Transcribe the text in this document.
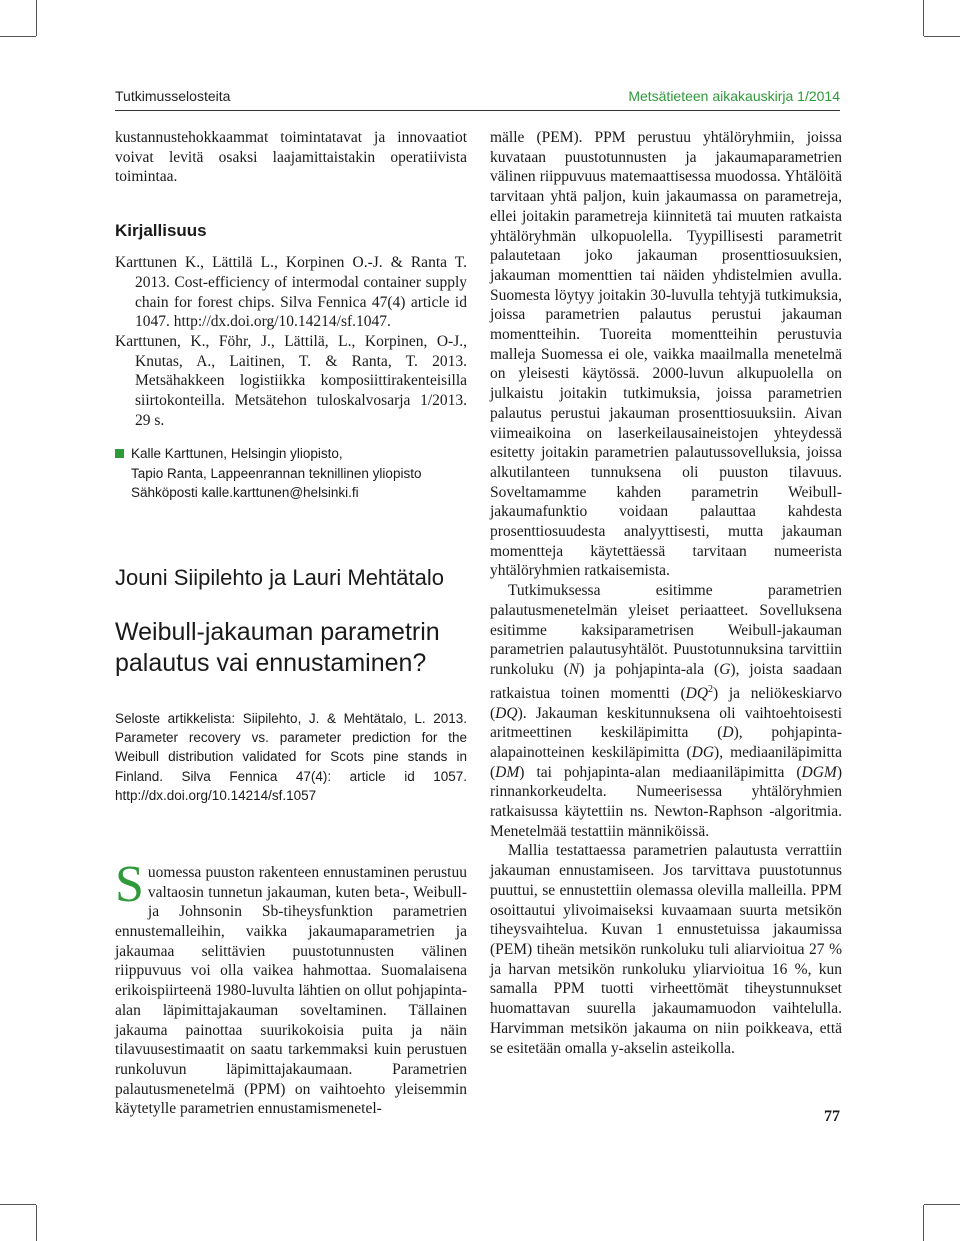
Tutkimusselosteita	Metsätieteen aikakauskirja 1/2014

kustannustehokkaammat toimintatavat ja innovaatiot voivat levitä osaksi laajamittaistakin operatiivista toimintaa.

Kirjallisuus

Karttunen K., Lättilä L., Korpinen O.-J. & Ranta T. 2013. Cost-efficiency of intermodal container supply chain for forest chips. Silva Fennica 47(4) article id 1047. http://dx.doi.org/10.14214/sf.1047.

Karttunen, K., Föhr, J., Lättilä, L., Korpinen, O-J., Knutas, A., Laitinen, T. & Ranta, T. 2013. Metsähakkeen logistiikka komposiittirakenteisilla siirtokonteilla. Metsätehon tuloskalvosarja 1/2013. 29 s.

Kalle Karttunen, Helsingin yliopisto,
Tapio Ranta, Lappeenrannan teknillinen yliopisto
Sähköposti kalle.karttunen@helsinki.fi
Jouni Siipilehto ja Lauri Mehtätalo
Weibull-jakauman parametrin palautus vai ennustaminen?
Seloste artikkelista: Siipilehto, J. & Mehtätalo, L. 2013. Parameter recovery vs. parameter prediction for the Weibull distribution validated for Scots pine stands in Finland. Silva Fennica 47(4): article id 1057. http://dx.doi.org/10.14214/sf.1057

Suomessa puuston rakenteen ennustaminen perustuu valtaosin tunnetun jakauman, kuten beta-, Weibull- ja Johnsonin Sb-tiheysfunktion parametrien ennustemalleihin, vaikka jakaumaparametrien ja jakaumaa selittävien puustotunnusten välinen riippuvuus voi olla vaikea hahmottaa. Suomalaisena erikoispiirteenä 1980-luvulta lähtien on ollut pohjapinta-alan läpimittajakauman soveltaminen. Tällainen jakauma painottaa suurikokoisia puita ja näin tilavuusestimaatit on saatu tarkemmaksi kuin perustuen runkoluvun läpimittajakaumaan. Parametrien palautusmenetelmä (PPM) on vaihtoehto yleisemmin käytetylle parametrien ennustamismenetel-

mälle (PEM). PPM perustuu yhtälöryhmiin, joissa kuvataan puustotunnusten ja jakaumaparametrien välinen riippuvuus matemaattisessa muodossa. Yhtälöitä tarvitaan yhtä paljon, kuin jakaumassa on parametreja, ellei joitakin parametreja kiinnitetä tai muuten ratkaista yhtälöryhmän ulkopuolella. Tyypillisesti parametrit palautetaan joko jakauman prosenttiosuuksien, jakauman momenttien tai näiden yhdistelmien avulla. Suomesta löytyy joitakin 30-luvulla tehtyjä tutkimuksia, joissa parametrien palautus perustui jakauman momentteihin. Tuoreita momentteihin perustuvia malleja Suomessa ei ole, vaikka maailmalla menetelmä on yleisesti käytössä. 2000-luvun alkupuolella on julkaistu joitakin tutkimuksia, joissa parametrien palautus perustui jakauman prosenttiosuuksiin. Aivan viimeaikoina on laserkeilausaineistojen yhteydessä esitetty joitakin parametrien palautussovelluksia, joissa alkutilanteen tunnuksena oli puuston tilavuus. Soveltamamme kahden parametrin Weibull-jakaumafunktio voidaan palauttaa kahdesta prosenttiosuudesta analyyttisesti, mutta jakauman momentteja käytettäessä tarvitaan numeerista yhtälöryhmien ratkaisemista.

Tutkimuksessa esitimme parametrien palautusmenetelmän yleiset periaatteet. Sovelluksena esitimme kaksiparametrisen Weibull-jakauman parametrien palautusyhtälöt. Puustotunnuksina tarvittiin runkoluku (N) ja pohjapinta-ala (G), joista saadaan ratkaistua toinen momentti $(DQ^2)$ ja neliökeskiarvo (DQ). Jakauman keskitunnuksena oli vaihtoehtoisesti aritmeettinen keskiläpimitta (D), pohjapinta-alapainotteinen keskiläpimitta (DG), mediaaniläpimitta (DM) tai pohjapinta-alan mediaaniläpimitta (DGM) rinnankorkeudelta. Numeerisessa yhtälöryhmien ratkaisussa käytettiin ns. Newton-Raphson -algoritmia. Menetelmää testattiin männiköissä.

Mallia testattaessa parametrien palautusta verrattiin jakauman ennustamiseen. Jos tarvittava puustotunnus puuttui, se ennustettiin olemassa olevilla malleilla. PPM osoittautui ylivoimaiseksi kuvaamaan suurta metsikön tiheysvaihtelua. Kuvan 1 ennustetuissa jakaumissa (PEM) tiheän metsikön runkoluku tuli aliarvioitua 27 % ja harvan metsikön runkoluku yliarvioitua 16 %, kun samalla PPM tuotti virheettömät tiheystunnukset huomattavan suurella jakaumamuodon vaihtelulla. Harvimman metsikön jakauma on niin poikkeava, että se esitetään omalla y-akselin asteikolla.

77
